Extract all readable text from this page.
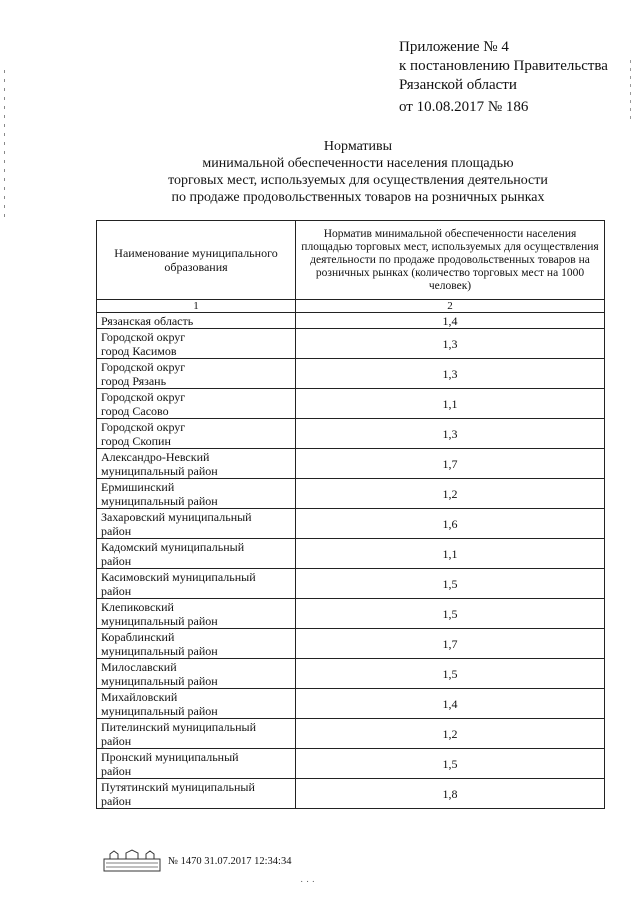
Приложение № 4
к постановлению Правительства
Рязанской области
от 10.08.2017 № 186
Нормативы
минимальной обеспеченности населения площадью
торговых мест, используемых для осуществления деятельности
по продаже продовольственных товаров на розничных рынках
Наименование муниципального образования	Норматив минимальной обеспеченности населения площадью торговых мест, используемых для осуществления деятельности по продаже продовольственных товаров на розничных рынках (количество торговых мест на 1000 человек)
1	2

Рязанская область	1,4

Городской округ
город Касимов	1,3

Городской округ
город Рязань	1,3

Городской округ
город Сасово	1,1

Городской округ
город Скопин	1,3

Александро-Невский
муниципальный район	1,7

Ермишинский
муниципальный район	1,2

Захаровский муниципальный
район	1,6

Кадомский муниципальный
район	1,1

Касимовский муниципальный
район	1,5

Клепиковский
муниципальный район	1,5

Кораблинский
муниципальный район	1,7

Милославский
муниципальный район	1,5

Михайловский
муниципальный район	1,4

Пителинский муниципальный
район	1,2

Пронский муниципальный
район	1,5

Путятинский муниципальный
район	1,8
№ 1470 31.07.2017 12:34:34
˙ ˙ ˙
